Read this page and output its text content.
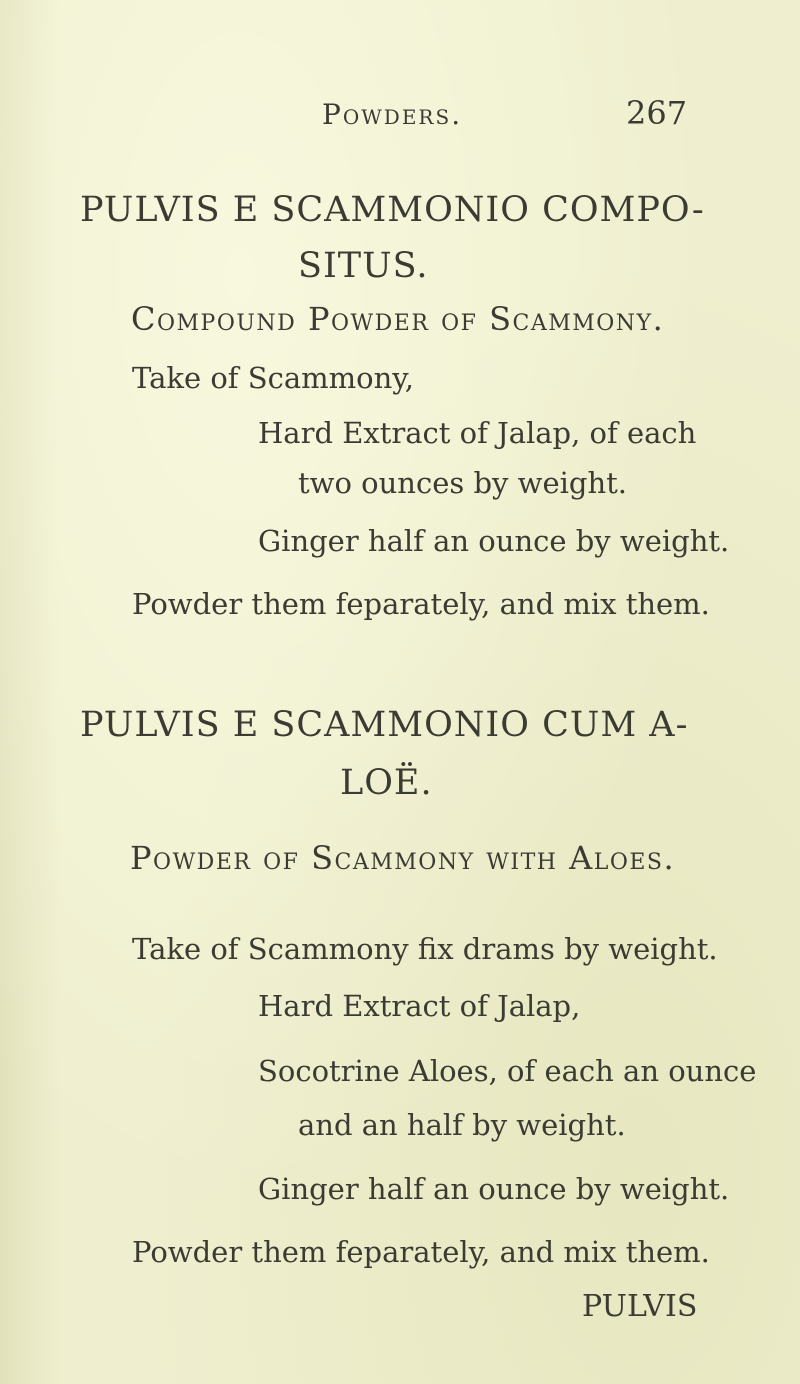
Powders.	267
PULVIS E SCAMMONIO COMPO-
SITUS.
Compound Powder of Scammony.
Take of Scammony,
Hard Extract of Jalap, of each
two ounces by weight.
Ginger half an ounce by weight.
Powder them feparately, and mix them.
PULVIS E SCAMMONIO CUM A-
LOË.
Powder of Scammony with Aloes.
Take of Scammony fix drams by weight.
Hard Extract of Jalap,
Socotrine Aloes, of each an ounce
and an half by weight.
Ginger half an ounce by weight.
Powder them feparately, and mix them.
PULVIS
